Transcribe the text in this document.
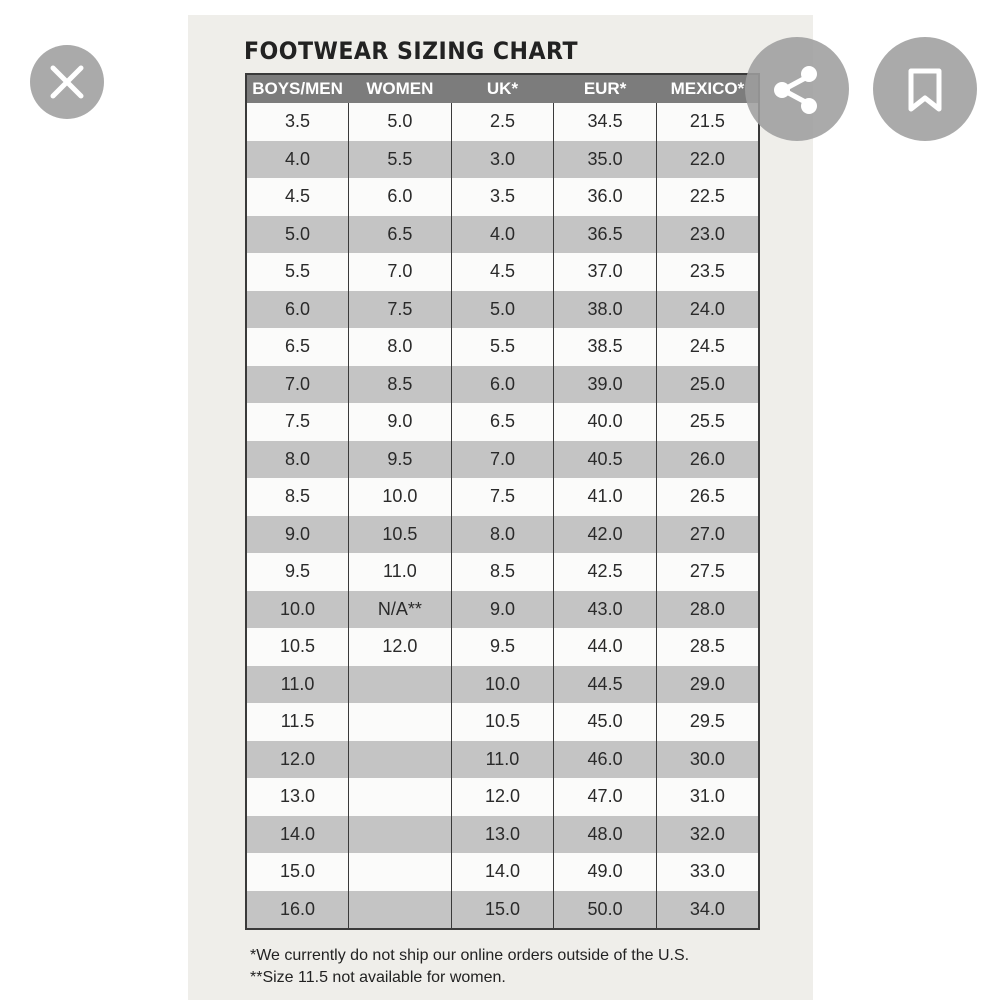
FOOTWEAR SIZING CHART
BOYS/MEN	WOMEN	UK*	EUR*	MEXICO*
3.5	5.0	2.5	34.5	21.5
4.0	5.5	3.0	35.0	22.0
4.5	6.0	3.5	36.0	22.5
5.0	6.5	4.0	36.5	23.0
5.5	7.0	4.5	37.0	23.5
6.0	7.5	5.0	38.0	24.0
6.5	8.0	5.5	38.5	24.5
7.0	8.5	6.0	39.0	25.0
7.5	9.0	6.5	40.0	25.5
8.0	9.5	7.0	40.5	26.0
8.5	10.0	7.5	41.0	26.5
9.0	10.5	8.0	42.0	27.0
9.5	11.0	8.5	42.5	27.5
10.0	N/A**	9.0	43.0	28.0
10.5	12.0	9.5	44.0	28.5
11.0		10.0	44.5	29.0
11.5		10.5	45.0	29.5
12.0		11.0	46.0	30.0
13.0		12.0	47.0	31.0
14.0		13.0	48.0	32.0
15.0		14.0	49.0	33.0
16.0		15.0	50.0	34.0
*We currently do not ship our online orders outside of the U.S.
**Size 11.5 not available for women.
